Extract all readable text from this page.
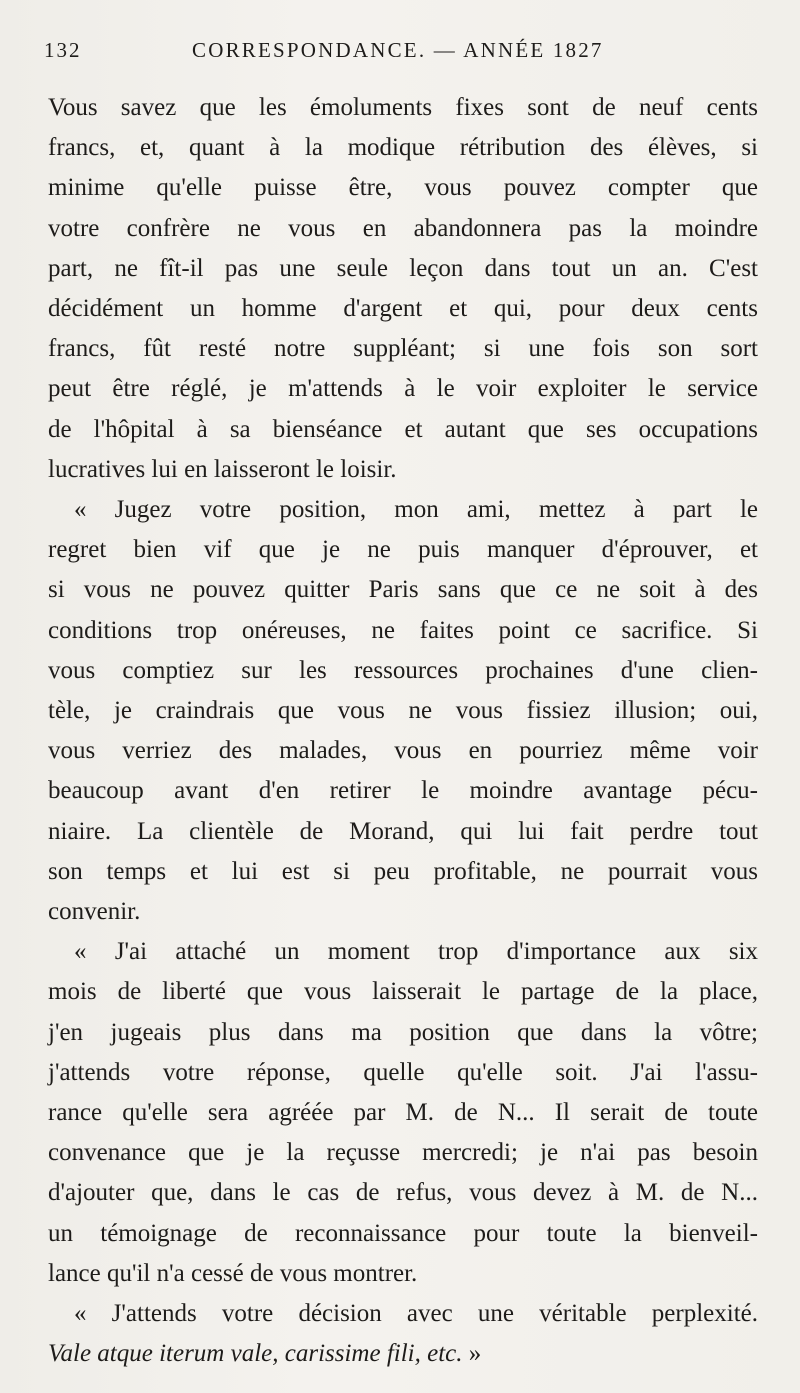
132	CORRESPONDANCE. — ANNÉE 1827
Vous savez que les émoluments fixes sont de neuf cents
francs, et, quant à la modique rétribution des élèves, si
minime qu'elle puisse être, vous pouvez compter que
votre confrère ne vous en abandonnera pas la moindre
part, ne fît-il pas une seule leçon dans tout un an. C'est
décidément un homme d'argent et qui, pour deux cents
francs, fût resté notre suppléant; si une fois son sort
peut être réglé, je m'attends à le voir exploiter le service
de l'hôpital à sa bienséance et autant que ses occupations
lucratives lui en laisseront le loisir.
« Jugez votre position, mon ami, mettez à part le
regret bien vif que je ne puis manquer d'éprouver, et
si vous ne pouvez quitter Paris sans que ce ne soit à des
conditions trop onéreuses, ne faites point ce sacrifice. Si
vous comptiez sur les ressources prochaines d'une clien-
tèle, je craindrais que vous ne vous fissiez illusion; oui,
vous verriez des malades, vous en pourriez même voir
beaucoup avant d'en retirer le moindre avantage pécu-
niaire. La clientèle de Morand, qui lui fait perdre tout
son temps et lui est si peu profitable, ne pourrait vous
convenir.
« J'ai attaché un moment trop d'importance aux six
mois de liberté que vous laisserait le partage de la place,
j'en jugeais plus dans ma position que dans la vôtre;
j'attends votre réponse, quelle qu'elle soit. J'ai l'assu-
rance qu'elle sera agréée par M. de N... Il serait de toute
convenance que je la reçusse mercredi; je n'ai pas besoin
d'ajouter que, dans le cas de refus, vous devez à M. de N...
un témoignage de reconnaissance pour toute la bienveil-
lance qu'il n'a cessé de vous montrer.
« J'attends votre décision avec une véritable perplexité.
Vale atque iterum vale, carissime fili, etc. »
